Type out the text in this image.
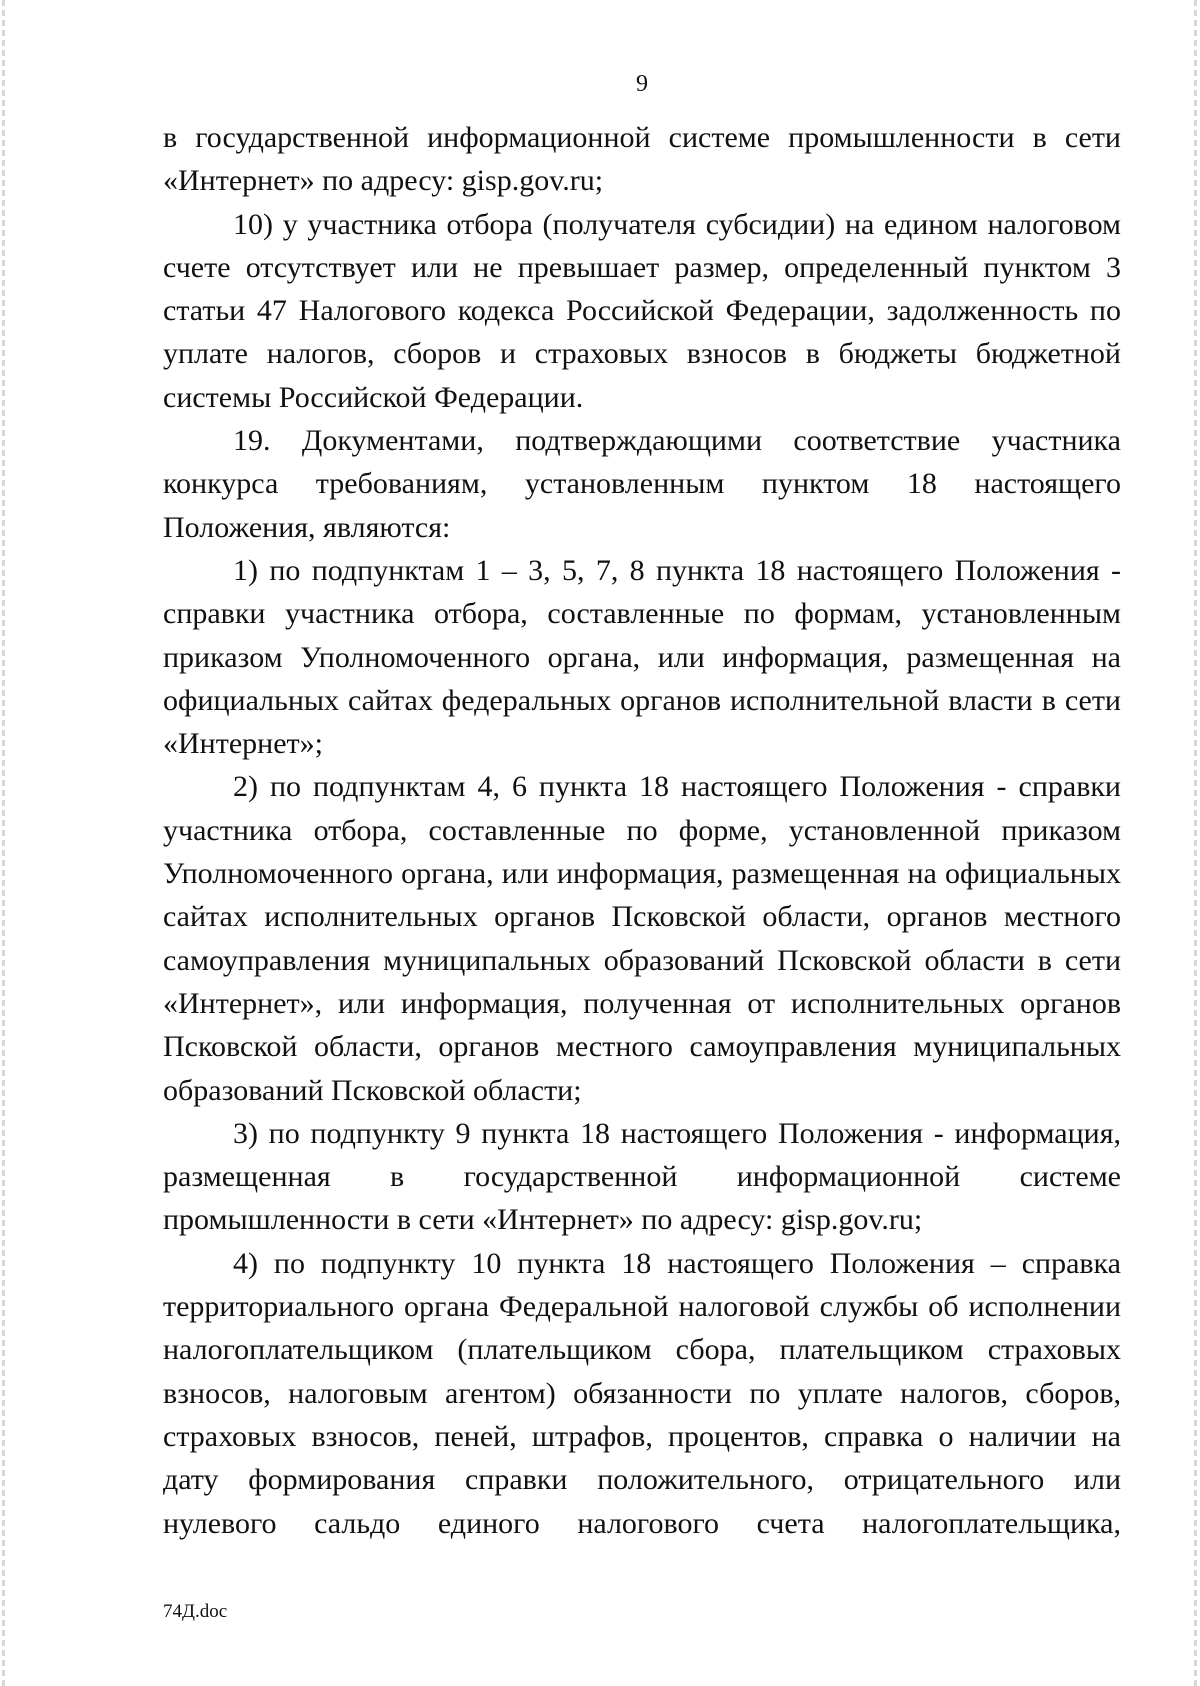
9

в государственной информационной системе промышленности в сети «Интернет» по адресу: gisp.gov.ru;

10) у участника отбора (получателя субсидии) на едином налоговом счете отсутствует или не превышает размер, определенный пунктом 3 статьи 47 Налогового кодекса Российской Федерации, задолженность по уплате налогов, сборов и страховых взносов в бюджеты бюджетной системы Российской Федерации.

19. Документами, подтверждающими соответствие участника конкурса требованиям, установленным пунктом 18 настоящего Положения, являются:

1) по подпунктам 1 – 3, 5, 7, 8 пункта 18 настоящего Положения - справки участника отбора, составленные по формам, установленным приказом Уполномоченного органа, или информация, размещенная на официальных сайтах федеральных органов исполнительной власти в сети «Интернет»;

2) по подпунктам 4, 6 пункта 18 настоящего Положения - справки участника отбора, составленные по форме, установленной приказом Уполномоченного органа, или информация, размещенная на официальных сайтах исполнительных органов Псковской области, органов местного самоуправления муниципальных образований Псковской области в сети «Интернет», или информация, полученная от исполнительных органов Псковской области, органов местного самоуправления муниципальных образований Псковской области;

3) по подпункту 9 пункта 18 настоящего Положения - информация, размещенная в государственной информационной системе промышленности в сети «Интернет» по адресу: gisp.gov.ru;

4) по подпункту 10 пункта 18 настоящего Положения – справка территориального органа Федеральной налоговой службы об исполнении налогоплательщиком (плательщиком сбора, плательщиком страховых взносов, налоговым агентом) обязанности по уплате налогов, сборов, страховых взносов, пеней, штрафов, процентов, справка о наличии на дату формирования справки положительного, отрицательного или нулевого сальдо единого налогового счета налогоплательщика,

74Д.doc
